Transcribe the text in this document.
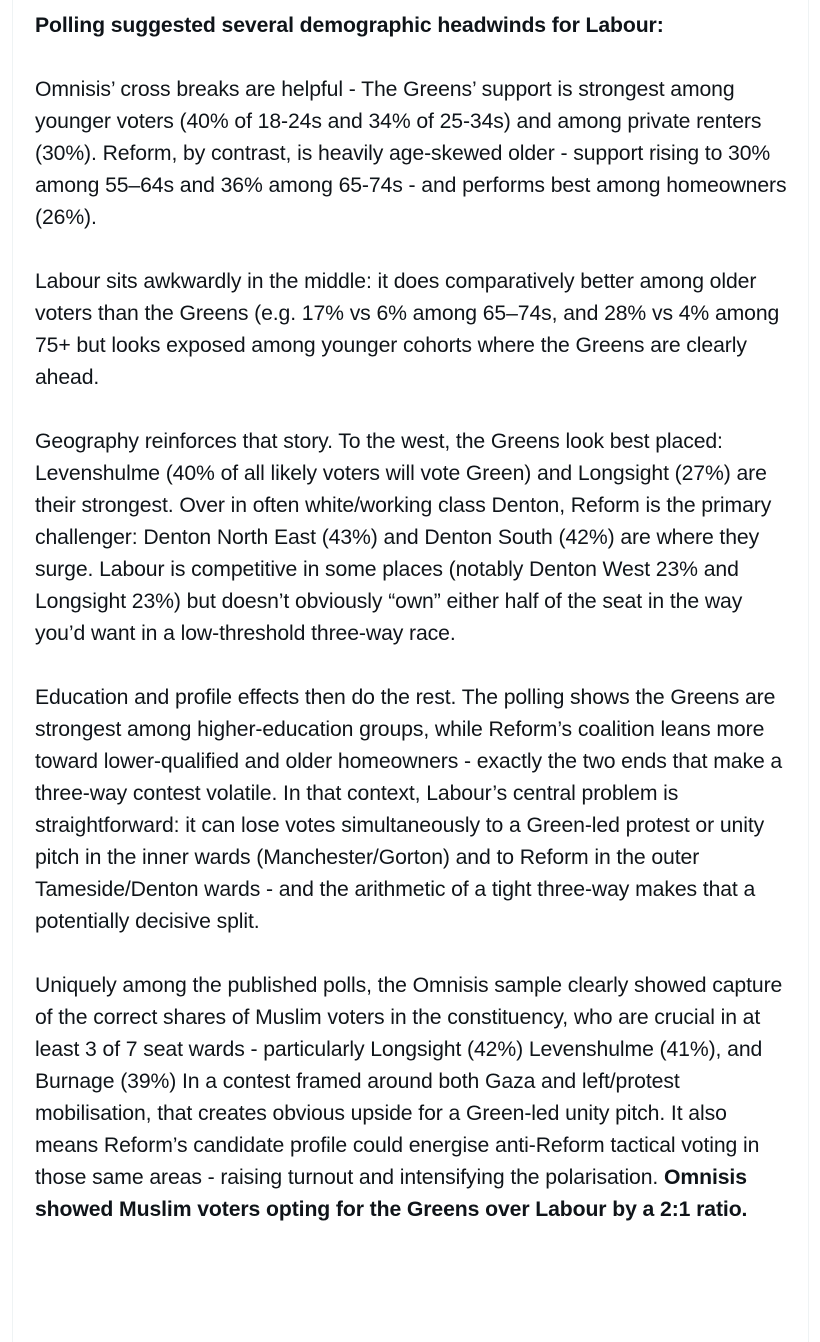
Polling suggested several demographic headwinds for Labour:

Omnisis’ cross breaks are helpful - The Greens’ support is strongest among younger voters (40% of 18-24s and 34% of 25-34s) and among private renters (30%). Reform, by contrast, is heavily age-skewed older - support rising to 30% among 55–64s and 36% among 65-74s - and performs best among homeowners (26%).

Labour sits awkwardly in the middle: it does comparatively better among older voters than the Greens (e.g. 17% vs 6% among 65–74s, and 28% vs 4% among 75+ but looks exposed among younger cohorts where the Greens are clearly ahead.

Geography reinforces that story. To the west, the Greens look best placed: Levenshulme (40% of all likely voters will vote Green) and Longsight (27%) are their strongest. Over in often white/working class Denton, Reform is the primary challenger: Denton North East (43%) and Denton South (42%) are where they surge. Labour is competitive in some places (notably Denton West 23% and Longsight 23%) but doesn’t obviously “own” either half of the seat in the way you’d want in a low-threshold three-way race.

Education and profile effects then do the rest. The polling shows the Greens are strongest among higher-education groups, while Reform’s coalition leans more toward lower-qualified and older homeowners - exactly the two ends that make a three-way contest volatile. In that context, Labour’s central problem is straightforward: it can lose votes simultaneously to a Green-led protest or unity pitch in the inner wards (Manchester/Gorton) and to Reform in the outer Tameside/Denton wards - and the arithmetic of a tight three-way makes that a potentially decisive split.

Uniquely among the published polls, the Omnisis sample clearly showed capture of the correct shares of Muslim voters in the constituency, who are crucial in at least 3 of 7 seat wards - particularly Longsight (42%) Levenshulme (41%), and Burnage (39%) In a contest framed around both Gaza and left/protest mobilisation, that creates obvious upside for a Green-led unity pitch. It also means Reform’s candidate profile could energise anti-Reform tactical voting in those same areas - raising turnout and intensifying the polarisation. Omnisis showed Muslim voters opting for the Greens over Labour by a 2:1 ratio.
